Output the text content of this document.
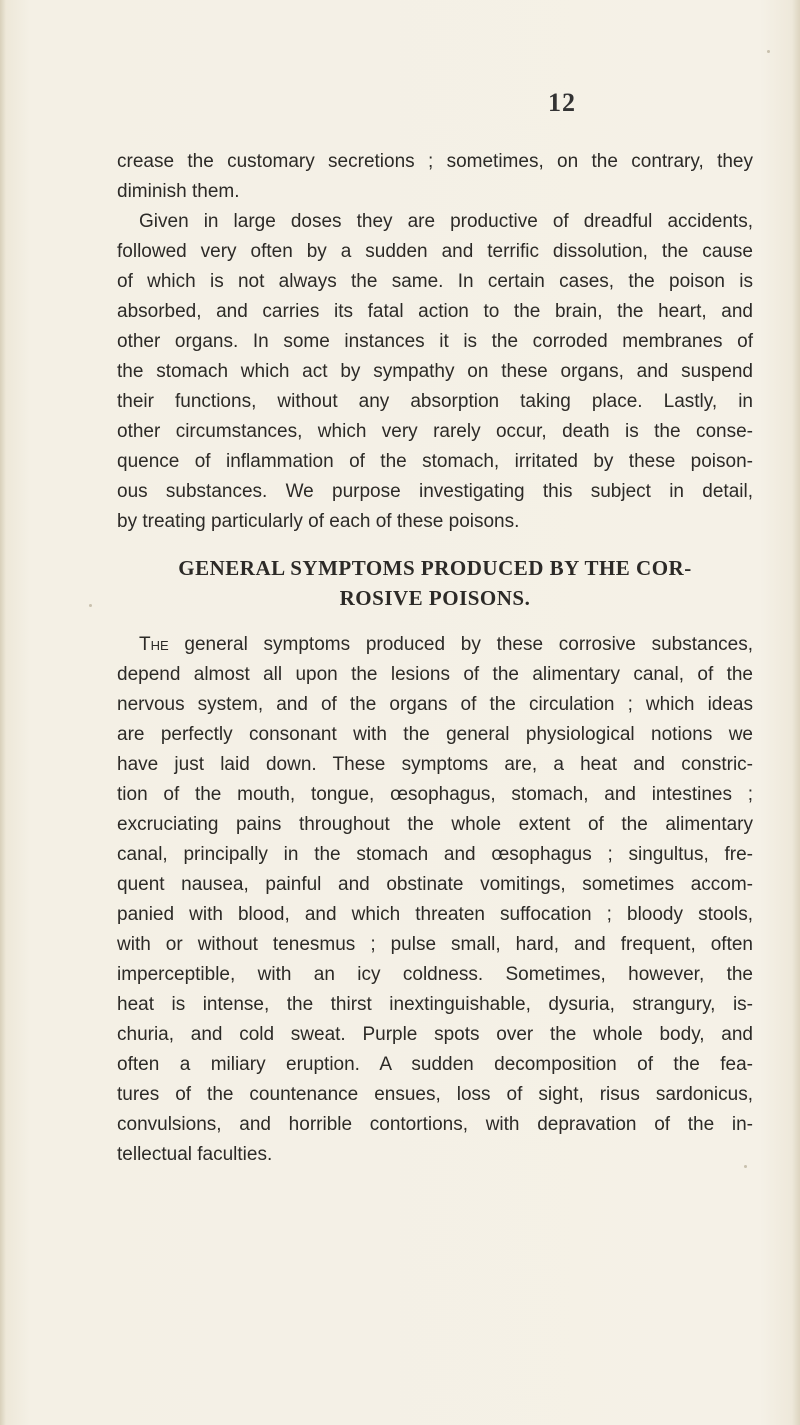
12
crease the customary secretions ; sometimes, on the contrary, they
diminish them.
Given in large doses they are productive of dreadful accidents,
followed very often by a sudden and terrific dissolution, the cause
of which is not always the same. In certain cases, the poison is
absorbed, and carries its fatal action to the brain, the heart, and
other organs. In some instances it is the corroded membranes of
the stomach which act by sympathy on these organs, and suspend
their functions, without any absorption taking place. Lastly, in
other circumstances, which very rarely occur, death is the conse-
quence of inflammation of the stomach, irritated by these poison-
ous substances. We purpose investigating this subject in detail,
by treating particularly of each of these poisons.
GENERAL SYMPTOMS PRODUCED BY THE COR-
ROSIVE POISONS.
The general symptoms produced by these corrosive substances,
depend almost all upon the lesions of the alimentary canal, of the
nervous system, and of the organs of the circulation ; which ideas
are perfectly consonant with the general physiological notions we
have just laid down. These symptoms are, a heat and constric-
tion of the mouth, tongue, œsophagus, stomach, and intestines ;
excruciating pains throughout the whole extent of the alimentary
canal, principally in the stomach and œsophagus ; singultus, fre-
quent nausea, painful and obstinate vomitings, sometimes accom-
panied with blood, and which threaten suffocation ; bloody stools,
with or without tenesmus ; pulse small, hard, and frequent, often
imperceptible, with an icy coldness. Sometimes, however, the
heat is intense, the thirst inextinguishable, dysuria, strangury, is-
churia, and cold sweat. Purple spots over the whole body, and
often a miliary eruption. A sudden decomposition of the fea-
tures of the countenance ensues, loss of sight, risus sardonicus,
convulsions, and horrible contortions, with depravation of the in-
tellectual faculties.
